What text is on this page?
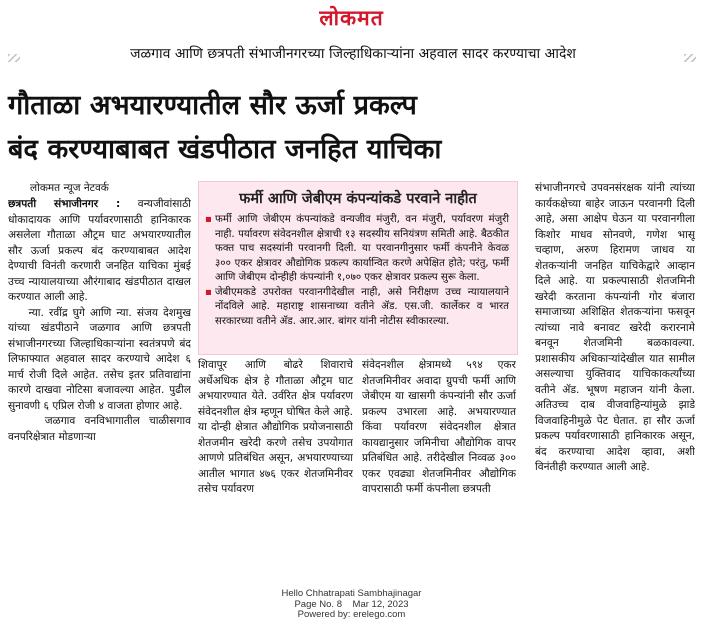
लोकमत
जळगाव आणि छत्रपती संभाजीनगरच्या जिल्हाधिकाऱ्यांना अहवाल सादर करण्याचा आदेश
गौताळा अभयारण्यातील सौर ऊर्जा प्रकल्प
बंद करण्याबाबत खंडपीठात जनहित याचिका
लोकमत न्यूज नेटवर्क

छत्रपती संभाजीनगर : वन्यजीवांसाठी धोकादायक आणि पर्यावरणासाठी हानिकारक असलेला गौताळा औट्रम घाट अभयारण्यातील सौर ऊर्जा प्रकल्प बंद करण्याबाबत आदेश देण्याची विनंती करणारी जनहित याचिका मुंबई उच्च न्यायालयाच्या औरंगाबाद खंडपीठात दाखल करण्यात आली आहे.

न्या. रवींद्र घुगे आणि न्या. संजय देशमुख यांच्या खंडपीठाने जळगाव आणि छत्रपती संभाजीनगरच्या जिल्हाधिकाऱ्यांना स्वतंत्रपणे बंद लिफाफ्यात अहवाल सादर करण्याचे आदेश ६ मार्च रोजी दिले आहेत. तसेच इतर प्रतिवाद्यांना कारणे दाखवा नोटिसा बजावल्या आहेत. पुढील सुनावणी ६ एप्रिल रोजी ४ वाजता होणार आहे.

जळगाव वनविभागातील चाळीसगाव वनपरिक्षेत्रात मोडणाऱ्या

फर्मी आणि जेबीएम कंपन्यांकडे परवाने नाहीत
▪ फर्मी आणि जेबीएम कंपन्यांकडे वन्यजीव मंजुरी, वन मंजुरी, पर्यावरण मंजुरी नाही. पर्यावरण संवेदनशील क्षेत्राची १३ सदस्यीय सनियंत्रण समिती आहे. बैठकीत फक्त पाच सदस्यांनी परवानगी दिली. या परवानगीनुसार फर्मी कंपनीने केवळ ३०० एकर क्षेत्रावर औद्योगिक प्रकल्प कार्यान्वित करणे अपेक्षित होते; परंतु, फर्मी आणि जेबीएम दोन्हीही कंपन्यांनी १,०७० एकर क्षेत्रावर प्रकल्प सुरू केला.
▪ जेबीएमकडे उपरोक्त परवानगीदेखील नाही, असे निरीक्षण उच्च न्यायालयाने नोंदविले आहे. महाराष्ट्र शासनाच्या वतीने ॲड. एस.जी. कार्लेकर व भारत सरकारच्या वतीने ॲड. आर.आर. बांगर यांनी नोटीस स्वीकारल्या.

शिवापूर आणि बोढरे शिवाराचे अर्धेअधिक क्षेत्र हे गौताळा औट्रम घाट अभयारण्यात येते. उर्वरित क्षेत्र पर्यावरण संवेदनशील क्षेत्र म्हणून घोषित केले आहे. या दोन्ही क्षेत्रात औद्योगिक प्रयोजनासाठी शेतजमीन खरेदी करणे तसेच उपयोगात आणणे प्रतिबंधित असून, अभयारण्याच्या आतील भागात ४७६ एकर शेतजमिनीवर तसेच पर्यावरण

संवेदनशील क्षेत्रामध्ये ५९४ एकर शेतजमिनीवर अवादा ग्रुपची फर्मी आणि जेबीएम या खासगी कंपन्यांनी सौर ऊर्जा प्रकल्प उभारला आहे. अभयारण्यात किंवा पर्यावरण संवेदनशील क्षेत्रात कायद्यानुसार जमिनीचा औद्योगिक वापर प्रतिबंधित आहे. तरीदेखील निव्वळ ३०० एकर एवढ्या शेतजमिनीवर औद्योगिक वापरासाठी फर्मी कंपनीला छत्रपती

संभाजीनगरचे उपवनसंरक्षक यांनी त्यांच्या कार्यकक्षेच्या बाहेर जाऊन परवानगी दिली आहे, असा आक्षेप घेऊन या परवानगीला किशोर माधव सोनवणे, गणेश भासू चव्हाण, अरुण हिरामण जाधव या शेतकऱ्यांनी जनहित याचिकेद्वारे आव्हान दिले आहे. या प्रकल्पासाठी शेतजमिनी खरेदी करताना कंपन्यांनी गोर बंजारा समाजाच्या अशिक्षित शेतकऱ्यांना फसवून त्यांच्या नावे बनावट खरेदी करारनामे बनवून शेतजमिनी बळकावल्या. प्रशासकीय अधिकाऱ्यांदेखील यात सामील असल्याचा युक्तिवाद याचिकाकर्त्यांच्या वतीने ॲड. भूषण महाजन यांनी केला. अतिउच्च दाब वीजवाहिन्यांमुळे झाडे विजवाहिनीमुळे पेट घेतात. हा सौर ऊर्जा प्रकल्प पर्यावरणासाठी हानिकारक असून, बंद करण्याचा आदेश व्हावा, अशी विनंतीही करण्यात आली आहे.

Hello Chhatrapati Sambhajinagar
Page No. 8    Mar 12, 2023
Powered by: erelego.com
